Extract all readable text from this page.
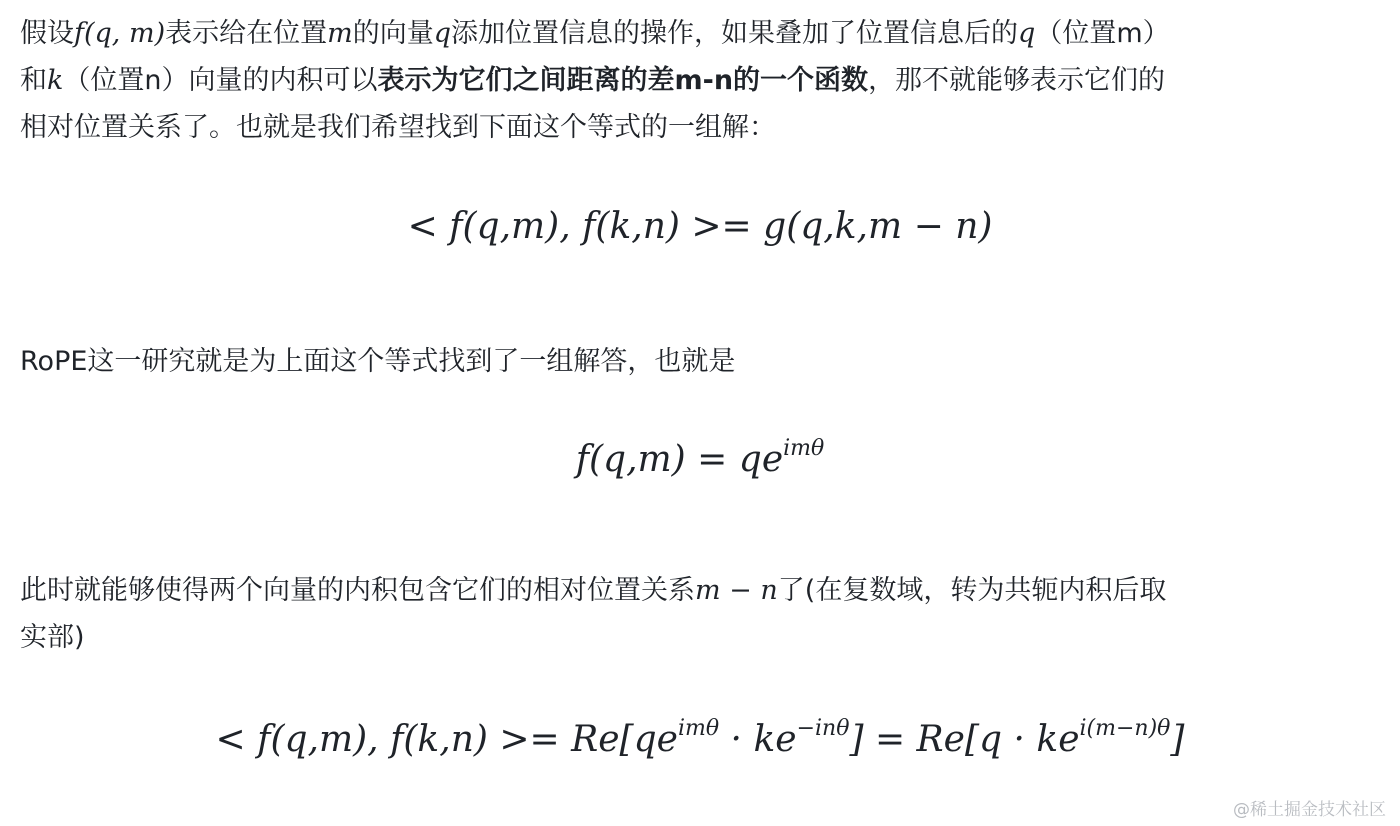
假设f(q, m)表示给在位置m的向量q添加位置信息的操作，如果叠加了位置信息后的q（位置m）
和k（位置n）向量的内积可以表示为它们之间距离的差m-n的一个函数，那不就能够表示它们的
相对位置关系了。也就是我们希望找到下面这个等式的一组解：
< f(q,m), f(k,n) >= g(q,k,m − n)
RoPE这一研究就是为上面这个等式找到了一组解答，也就是
$f(q,m) = qe^{im\theta}$
此时就能够使得两个向量的内积包含它们的相对位置关系m − n了(在复数域，转为共轭内积后取
实部)
< f(q,m), $f(k,n) >= Re[qe^{im\theta} \cdot ke^{-in\theta}] = Re[q \cdot ke^{i(m-n)\theta}]$
@稀土掘金技术社区
